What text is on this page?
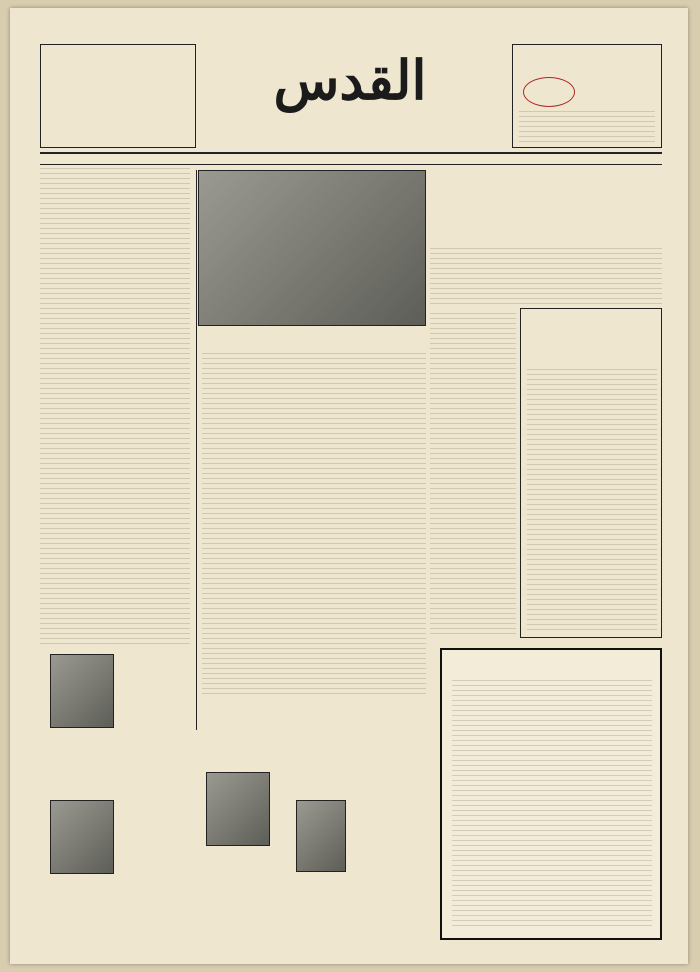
القدس
